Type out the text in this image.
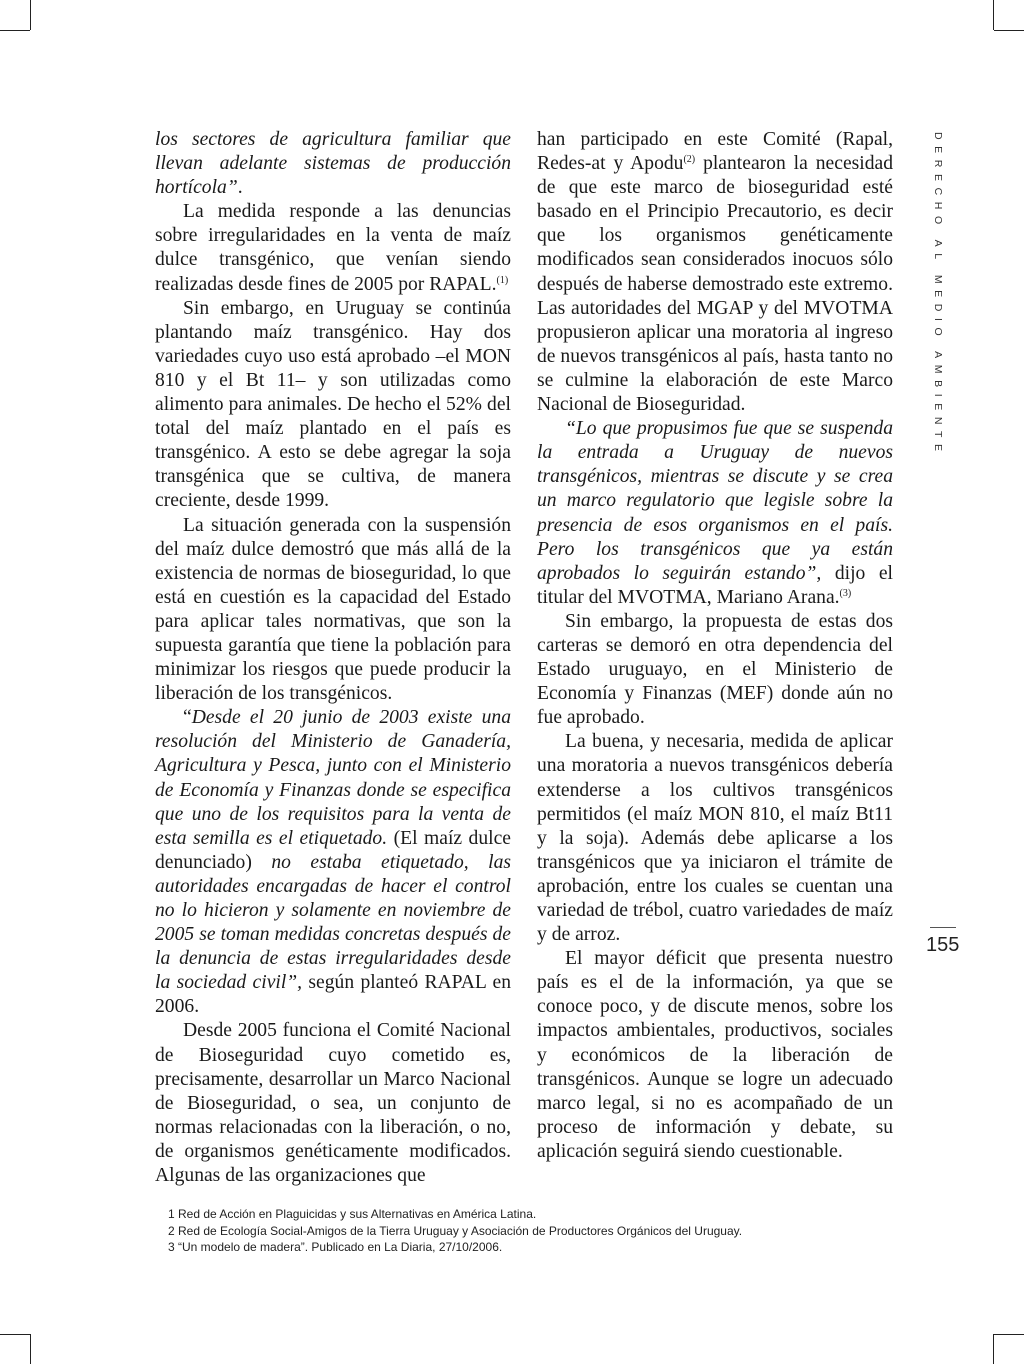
los sectores de agricultura familiar que llevan adelante sistemas de producción hortícola”.

La medida responde a las denuncias sobre irregularidades en la venta de maíz dulce transgénico, que venían siendo realizadas desde fines de 2005 por RAPAL.$^{(1)}$

Sin embargo, en Uruguay se continúa plantando maíz transgénico. Hay dos variedades cuyo uso está aprobado –el MON 810 y el Bt 11– y son utilizadas como alimento para animales. De hecho el 52% del total del maíz plantado en el país es transgénico. A esto se debe agregar la soja transgénica que se cultiva, de manera creciente, desde 1999.

La situación generada con la suspensión del maíz dulce demostró que más allá de la existencia de normas de bioseguridad, lo que está en cuestión es la capacidad del Estado para aplicar tales normativas, que son la supuesta garantía que tiene la población para minimizar los riesgos que puede producir la liberación de los transgénicos.

“Desde el 20 junio de 2003 existe una resolución del Ministerio de Ganadería, Agricultura y Pesca, junto con el Ministerio de Economía y Finanzas donde se especifica que uno de los requisitos para la venta de esta semilla es el etiquetado. (El maíz dulce denunciado) no estaba etiquetado, las autoridades encargadas de hacer el control no lo hicieron y solamente en noviembre de 2005 se toman medidas concretas después de la denuncia de estas irregularidades desde la sociedad civil”, según planteó RAPAL en 2006.

Desde 2005 funciona el Comité Nacional de Bioseguridad cuyo cometido es, precisamente, desarrollar un Marco Nacional de Bioseguridad, o sea, un conjunto de normas relacionadas con la liberación, o no, de organismos genéticamente modificados. Algunas de las organizaciones que

han participado en este Comité (Rapal, Redes-at y Apodu$^{(2)}$ plantearon la necesidad de que este marco de bioseguridad esté basado en el Principio Precautorio, es decir que los organismos genéticamente modificados sean considerados inocuos sólo después de haberse demostrado este extremo. Las autoridades del MGAP y del MVOTMA propusieron aplicar una moratoria al ingreso de nuevos transgénicos al país, hasta tanto no se culmine la elaboración de este Marco Nacional de Bioseguridad.

“Lo que propusimos fue que se suspenda la entrada a Uruguay de nuevos transgénicos, mientras se discute y se crea un marco regulatorio que legisle sobre la presencia de esos organismos en el país. Pero los transgénicos que ya están aprobados lo seguirán estando”, dijo el titular del MVOTMA, Mariano Arana.$^{(3)}$

Sin embargo, la propuesta de estas dos carteras se demoró en otra dependencia del Estado uruguayo, en el Ministerio de Economía y Finanzas (MEF) donde aún no fue aprobado.

La buena, y necesaria, medida de aplicar una moratoria a nuevos transgénicos debería extenderse a los cultivos transgénicos permitidos (el maíz MON 810, el maíz Bt11 y la soja). Además debe aplicarse a los transgénicos que ya iniciaron el trámite de aprobación, entre los cuales se cuentan una variedad de trébol, cuatro variedades de maíz y de arroz.

El mayor déficit que presenta nuestro país es el de la información, ya que se conoce poco, y de discute menos, sobre los impactos ambientales, productivos, sociales y económicos de la liberación de transgénicos. Aunque se logre un adecuado marco legal, si no es acompañado de un proceso de información y debate, su aplicación seguirá siendo cuestionable.

DERECHO AL MEDIO AMBIENTE
155
1 Red de Acción en Plaguicidas y sus Alternativas en América Latina.
2 Red de Ecología Social-Amigos de la Tierra Uruguay y Asociación de Productores Orgánicos del Uruguay.
3 “Un modelo de madera”. Publicado en La Diaria, 27/10/2006.
